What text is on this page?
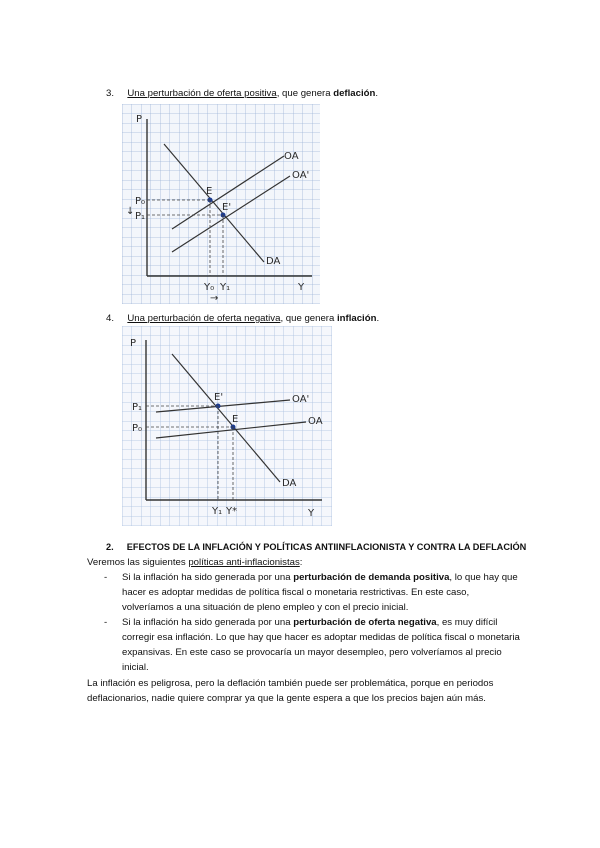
3. Una perturbación de oferta positiva, que genera deflación.
P
Y
OA
OA'
DA
E
E'
P₀
P₁
↓
Y₀ Y₁
→
4. Una perturbación de oferta negativa, que genera inflación.
P
Y
OA'
OA
DA
E'
E
P₁
P₀
Y₁ Y*
2. EFECTOS DE LA INFLACIÓN Y POLÍTICAS ANTIINFLACIONISTA Y CONTRA LA DEFLACIÓN
Veremos las siguientes políticas anti-inflacionistas:
- Si la inflación ha sido generada por una perturbación de demanda positiva, lo que hay que
hacer es adoptar medidas de política fiscal o monetaria restrictivas. En este caso,
volveríamos a una situación de pleno empleo y con el precio inicial.
- Si la inflación ha sido generada por una perturbación de oferta negativa, es muy difícil
corregir esa inflación. Lo que hay que hacer es adoptar medidas de política fiscal o monetaria
expansivas. En este caso se provocaría un mayor desempleo, pero volveríamos al precio
inicial.
La inflación es peligrosa, pero la deflación también puede ser problemática, porque en periodos
deflacionarios, nadie quiere comprar ya que la gente espera a que los precios bajen aún más.
